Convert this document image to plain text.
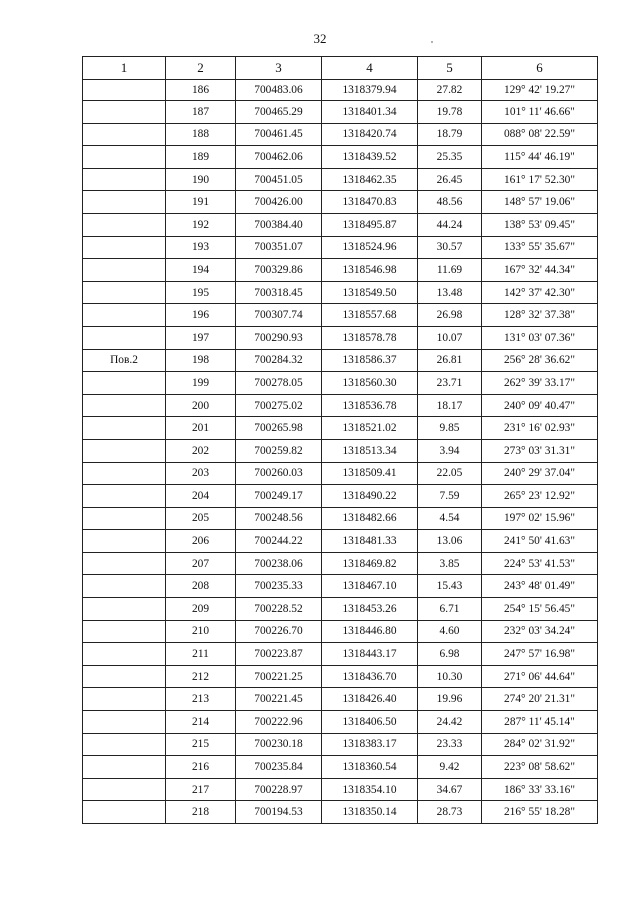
32
1	2	3	4	5	6
	186	700483.06	1318379.94	27.82	129° 42' 19.27"
	187	700465.29	1318401.34	19.78	101° 11' 46.66"
	188	700461.45	1318420.74	18.79	088° 08' 22.59"
	189	700462.06	1318439.52	25.35	115° 44' 46.19"
	190	700451.05	1318462.35	26.45	161° 17' 52.30"
	191	700426.00	1318470.83	48.56	148° 57' 19.06"
	192	700384.40	1318495.87	44.24	138° 53' 09.45"
	193	700351.07	1318524.96	30.57	133° 55' 35.67"
	194	700329.86	1318546.98	11.69	167° 32' 44.34"
	195	700318.45	1318549.50	13.48	142° 37' 42.30"
	196	700307.74	1318557.68	26.98	128° 32' 37.38"
	197	700290.93	1318578.78	10.07	131° 03' 07.36"
Пов.2	198	700284.32	1318586.37	26.81	256° 28' 36.62"
	199	700278.05	1318560.30	23.71	262° 39' 33.17"
	200	700275.02	1318536.78	18.17	240° 09' 40.47"
	201	700265.98	1318521.02	9.85	231° 16' 02.93"
	202	700259.82	1318513.34	3.94	273° 03' 31.31"
	203	700260.03	1318509.41	22.05	240° 29' 37.04"
	204	700249.17	1318490.22	7.59	265° 23' 12.92"
	205	700248.56	1318482.66	4.54	197° 02' 15.96"
	206	700244.22	1318481.33	13.06	241° 50' 41.63"
	207	700238.06	1318469.82	3.85	224° 53' 41.53"
	208	700235.33	1318467.10	15.43	243° 48' 01.49"
	209	700228.52	1318453.26	6.71	254° 15' 56.45"
	210	700226.70	1318446.80	4.60	232° 03' 34.24"
	211	700223.87	1318443.17	6.98	247° 57' 16.98"
	212	700221.25	1318436.70	10.30	271° 06' 44.64"
	213	700221.45	1318426.40	19.96	274° 20' 21.31"
	214	700222.96	1318406.50	24.42	287° 11' 45.14"
	215	700230.18	1318383.17	23.33	284° 02' 31.92"
	216	700235.84	1318360.54	9.42	223° 08' 58.62"
	217	700228.97	1318354.10	34.67	186° 33' 33.16"
	218	700194.53	1318350.14	28.73	216° 55' 18.28"
